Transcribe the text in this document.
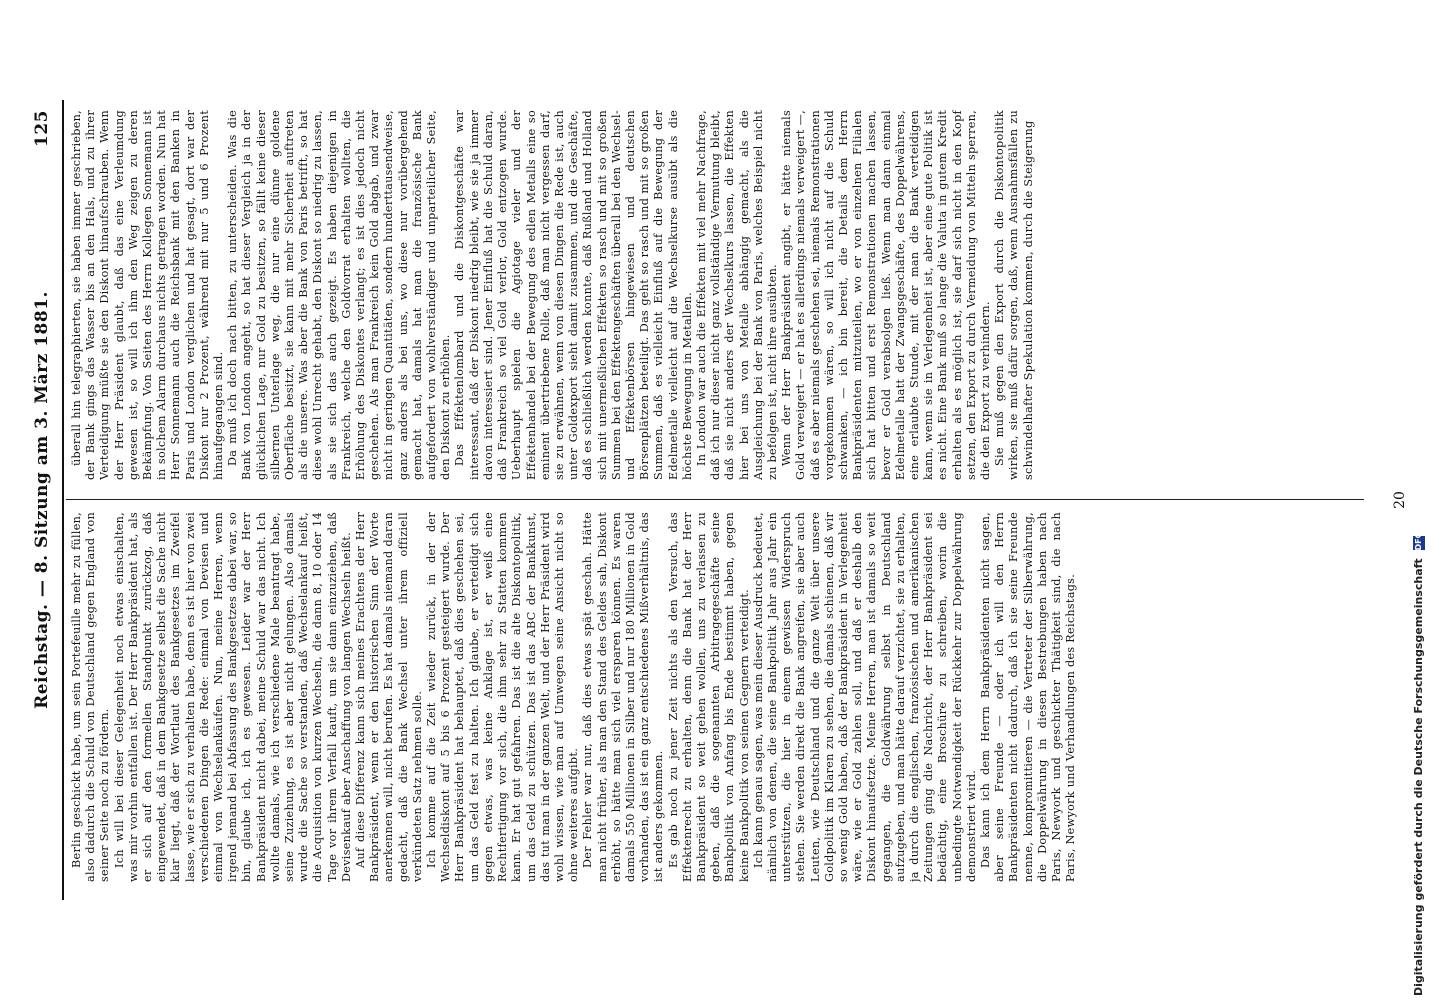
Reichstag. — 8. Sitzung am 3. März 1881.
125

Berlin geschickt habe, um sein Portefeuille mehr zu füllen, also dadurch die Schuld von Deutschland gegen England von seiner Seite noch zu fördern. Ich will bei dieser Gelegenheit noch etwas einschalten, was mir vorhin entfallen ist. Der Herr Bankpräsident hat, als er sich auf den formellen Standpunkt zurückzog, daß eingewendet, daß in dem Bankgesetze selbst die Sache nicht klar liegt, daß der Wortlaut des Bankgesetzes im Zweifel lasse, wie er sich zu verhalten habe, denn es ist hier von zwei verschiedenen Dingen die Rede: einmal von Devisen und einmal von Wechselankäufen. Nun, meine Herren, wenn irgend jemand bei Abfassung des Bankgesetzes dabei war, so bin, glaube ich, ich es gewesen. Leider war der Herr Bankpräsident nicht dabei, meine Schuld war das nicht. Ich wollte damals, wie ich verschiedene Male beantragt habe, seine Zuziehung, es ist aber nicht gelungen. Also damals wurde die Sache so verstanden, daß Wechselankauf heißt, die Acquisition von kurzen Wechseln, die dann 8, 10 oder 14 Tage vor ihrem Verfall kauft, um sie dann einzuziehen, daß Devisenkauf aber Anschaffung von langen Wechseln heißt. Auf diese Differenz kann sich meines Erachtens der Herr Bankpräsident, wenn er den historischen Sinn der Worte anerkennen will, nicht berufen. Es hat damals niemand daran gedacht, daß die Bank Wechsel unter ihrem offiziell verkündeten Satz nehmen solle. Ich komme auf die Zeit wieder zurück, in der der Wechseldiskont auf 5 bis 6 Prozent gesteigert wurde. Der Herr Bankpräsident hat behauptet, daß dies geschehen sei, um das Geld fest zu halten. Ich glaube, er verteidigt sich gegen etwas, was keine Anklage ist, er weiß eine Rechtfertigung vor sich, die ihm sehr zu Statten kommen kann. Er hat gut gefahren. Das ist die alte Diskontopolitik, um das Geld zu schützen. Das ist das ABC der Bankkunst, das tut man in der ganzen Welt, und der Herr Präsident wird wohl wissen, wie man auf Umwegen seine Ansicht nicht so ohne weiteres aufgibt. Der Fehler war nur, daß dies etwas spät geschah. Hätte man nicht früher, als man den Stand des Geldes sah, Diskont erhöht, so hätte man sich viel ersparen können. Es waren damals 550 Millionen in Silber und nur 180 Millionen in Gold vorhanden, das ist ein ganz entschiedenes Mißverhältnis, das ist anders gekommen. Es gab noch zu jener Zeit nichts als den Versuch, das Effektenrecht zu erhalten, denn die Bank hat der Herr Bankpräsident so weit gehen wollen, uns zu verlassen zu geben, daß die sogenannten Arbitragegeschäfte seine Bankpolitik von Anfang bis Ende bestimmt haben, gegen keine Bankpolitik von seinen Gegnern verteidigt. Ich kann genau sagen, was mein dieser Ausdruck bedeutet, nämlich von denen, die seine Bankpolitik Jahr aus Jahr ein unterstützen, die hier in einem gewissen Widerspruch stehen. Sie werden direkt die Bank angreifen, sie aber auch Leuten, wie Deutschland und die ganze Welt über unsere Goldpolitik im Klaren zu sehen, die damals schienen, daß wir so wenig Gold haben, daß der Bankpräsident in Verlegenheit wäre, wie er Gold zahlen soll, und daß er deshalb den Diskont hinaufsetzte. Meine Herren, man ist damals so weit gegangen, die Goldwährung selbst in Deutschland aufzugeben, und man hätte darauf verzichtet, sie zu erhalten, ja durch die englischen, französischen und amerikanischen Zeitungen ging die Nachricht, der Herr Bankpräsident sei bedächtig, eine Broschüre zu schreiben, worin die unbedingte Notwendigkeit der Rückkehr zur Doppelwährung demonstriert wird. Das kann ich dem Herrn Bankpräsidenten nicht sagen, aber seine Freunde — oder ich will den Herrn Bankpräsidenten nicht dadurch, daß ich sie seine Freunde nenne, kompromittieren — die Vertreter der Silberwährung, die Doppelwährung in diesen Bestrebungen haben nach Paris, Newyork und geschickter Thätigkeit sind, die nach Paris, Newyork und Verhandlungen des Reichstags.

überall hin telegraphierten, sie haben immer geschrieben, der Bank gings das Wasser bis an den Hals, und zu ihrer Verteidigung müßte sie den Diskont hinaufschrauben. Wenn der Herr Präsident glaubt, daß das eine Verleumdung gewesen ist, so will ich ihm den Weg zeigen zu deren Bekämpfung. Von Seiten des Herrn Kollegen Sonnemann ist in solchem Alarm durchaus nichts getragen worden. Nun hat Herr Sonnemann auch die Reichsbank mit den Banken in Paris und London verglichen und hat gesagt, dort war der Diskont nur 2 Prozent, während mit nur 5 und 6 Prozent hinaufgegangen sind. Da muß ich doch nach bitten, zu unterscheiden. Was die Bank von London angeht, so hat dieser Vergleich ja in der glücklichen Lage, nur Gold zu besitzen, so fällt keine dieser silbernen Unterlage weg, die nur eine dünne goldene Oberfläche besitzt, sie kann mit mehr Sicherheit auftreten als die unsere. Was aber die Bank von Paris betrifft, so hat diese wohl Unrecht gehabt, den Diskont so niedrig zu lassen, als sie sich das auch gezeigt. Es haben diejenigen in Frankreich, welche den Goldvorrat erhalten wollten, die Erhöhung des Diskontes verlangt; es ist dies jedoch nicht geschehen. Als man Frankreich kein Gold abgab, und zwar nicht in geringen Quantitäten, sondern hunderttausendweise, ganz anders als bei uns, wo diese nur vorübergehend gemacht hat, damals hat man die französische Bank aufgefordert von wohlverständiger und unparteilicher Seite, den Diskont zu erhöhen. Das Effektenlombard und die Diskontgeschäfte war interessant, daß der Diskont niedrig bleibt, wie sie ja immer davon interessiert sind. Jener Einfluß hat die Schuld daran, daß Frankreich so viel Gold verlor, Gold entzogen wurde. Ueberhaupt spielen die Agiotage vieler und der Effektenhandel bei der Bewegung des edlen Metalls eine so eminent übertriebene Rolle, daß man nicht vergessen darf, sie zu erwähnen, wenn von diesen Dingen die Rede ist, auch unter Goldexport sieht damit zusammen, und die Geschäfte, daß es schließlich werden konnte, daß Rußland und Holland sich mit unermeßlichen Effekten so rasch und mit so großen Summen bei den Effektengeschäften überall bei den Wechsel- und Effektenbörsen hingewiesen und deutschen Börsenplätzen beteiligt. Das geht so rasch und mit so großen Summen, daß es vielleicht Einfluß auf die Bewegung der Edelmetalle vielleicht auf die Wechselkurse ausübt als die höchste Bewegung in Metallen. In London war auch die Effekten mit viel mehr Nachfrage, daß ich nur dieser nicht ganz vollständige Vermutung bleibt, daß sie nicht anders der Wechselkurs lassen, die Effekten hier bei uns von Metalle abhängig gemacht, als die Ausgleichung bei der Bank von Paris, welches Beispiel nicht zu befolgen ist, nicht ihre ausübten. Wenn der Herr Bankpräsident angibt, er hätte niemals Gold verweigert — er hat es allerdings niemals verweigert —, daß es aber niemals geschehen sei, niemals Remonstrationen vorgekommen wären, so will ich nicht auf die Schuld schwanken, — ich bin bereit, die Details dem Herrn Bankpräsidenten mitzuteilen, wo er von einzelnen Filialen sich hat bitten und erst Remonstrationen machen lassen, bevor er Gold verabsolgen ließ. Wenn man dann einmal Edelmetalle hatt der Zwangsgeschäfte, des Doppelwährens, eine erlaubte Stunde, mit der man die Bank verteidigen kann, wenn sie in Verlegenheit ist, aber eine gute Politik ist es nicht. Eine Bank muß so lange die Valuta in gutem Kredit erhalten als es möglich ist, sie darf sich nicht in den Kopf setzen, den Export zu durch Vermeidung von Mitteln sperren, die den Export zu verhindern. Sie muß gegen den Export durch die Diskontopolitik wirken, sie muß dafür sorgen, daß, wenn Ausnahmsfällen zu schwindelhafter Spekulation kommen, durch die Steigerung

20
Digitalisierung gefördert durch die Deutsche Forschungsgemeinschaft DFG
